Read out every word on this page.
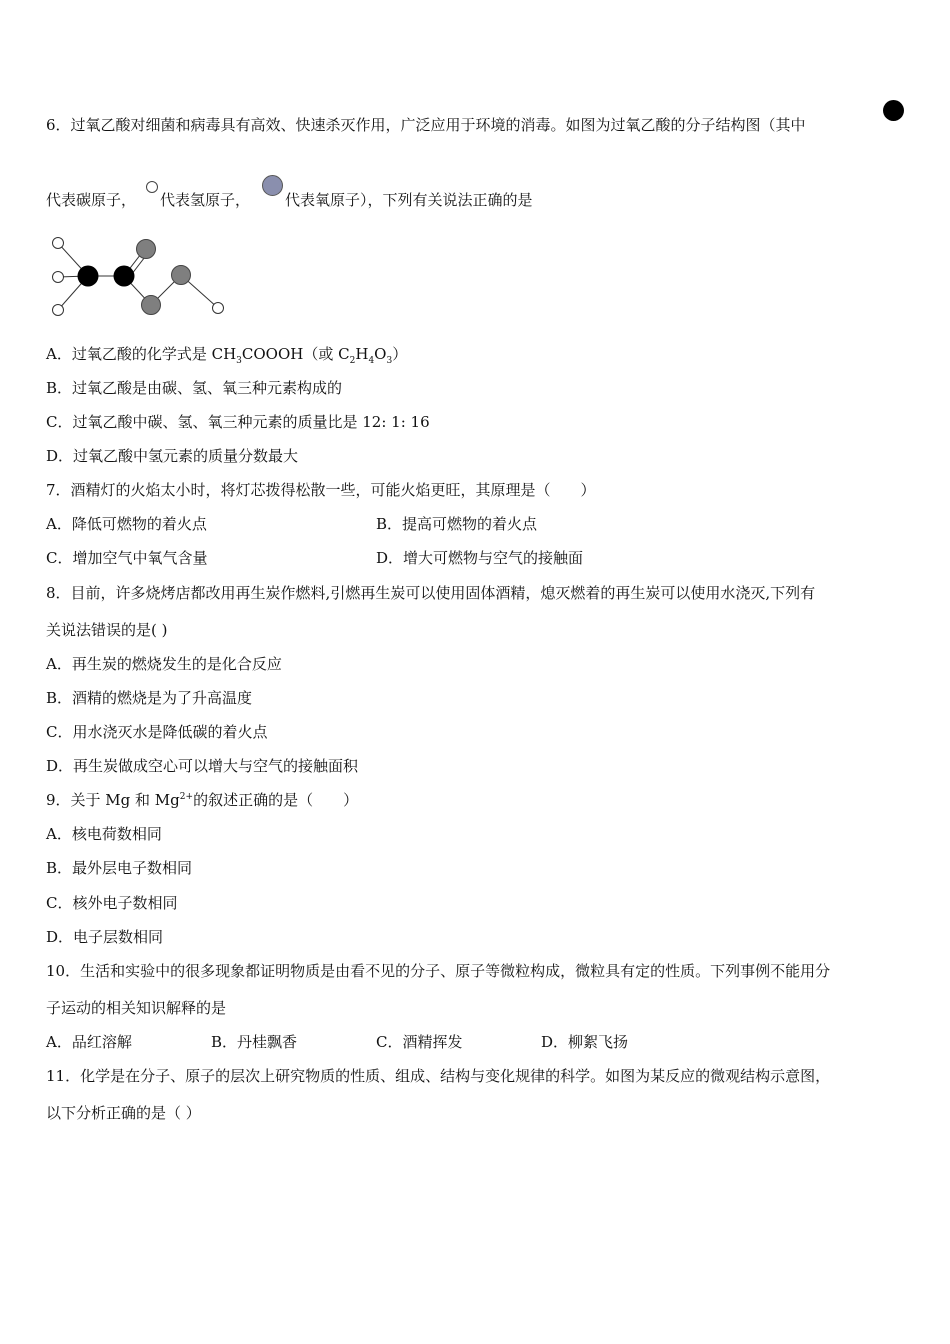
6．过氧乙酸对细菌和病毒具有高效、快速杀灭作用，广泛应用于环境的消毒。如图为过氧乙酸的分子结构图（其中
代表碳原子， 代表氢原子， 代表氧原子），下列有关说法正确的是
A．过氧乙酸的化学式是 $CH_3COOOH$（或 $C_2H_4O_3$）
B．过氧乙酸是由碳、氢、氧三种元素构成的
C．过氧乙酸中碳、氢、氧三种元素的质量比是 12: 1: 16
D．过氧乙酸中氢元素的质量分数最大
7．酒精灯的火焰太小时，将灯芯拨得松散一些，可能火焰更旺，其原理是（　　）
A．降低可燃物的着火点	B．提高可燃物的着火点
C．增加空气中氧气含量	D．增大可燃物与空气的接触面
8．目前，许多烧烤店都改用再生炭作燃料,引燃再生炭可以使用固体酒精，熄灭燃着的再生炭可以使用水浇灭,下列有
关说法错误的是( )
A．再生炭的燃烧发生的是化合反应
B．酒精的燃烧是为了升高温度
C．用水浇灭水是降低碳的着火点
D．再生炭做成空心可以增大与空气的接触面积
9．关于 Mg 和 $Mg^{2+}$的叙述正确的是（　　）
A．核电荷数相同
B．最外层电子数相同
C．核外电子数相同
D．电子层数相同
10．生活和实验中的很多现象都证明物质是由看不见的分子、原子等微粒构成，微粒具有定的性质。下列事例不能用分
子运动的相关知识解释的是
A．品红溶解	B．丹桂飘香	C．酒精挥发	D．柳絮飞扬
11．化学是在分子、原子的层次上研究物质的性质、组成、结构与变化规律的科学。如图为某反应的微观结构示意图，
以下分析正确的是（ ）
